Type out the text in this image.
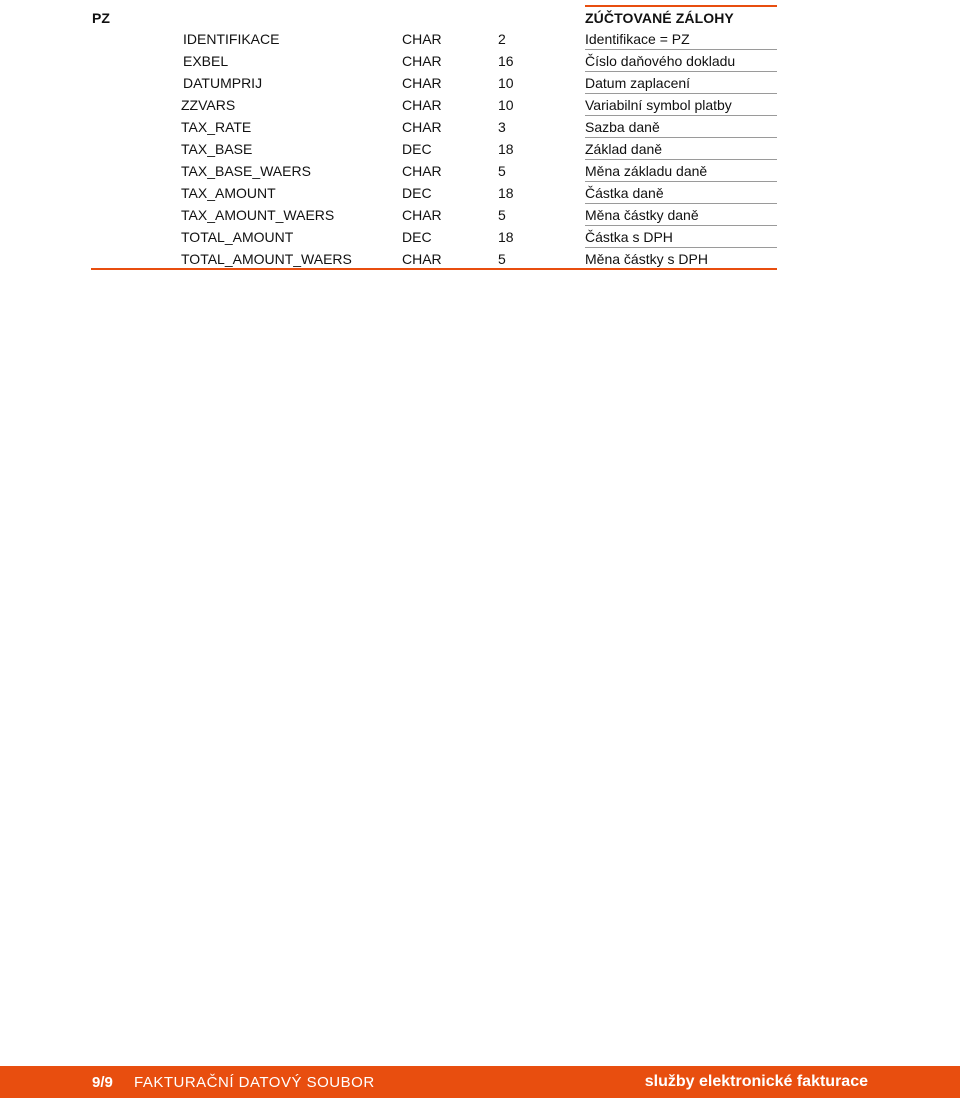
PZ	ZÚČTOVANÉ ZÁLOHY
IDENTIFIKACE	CHAR	2	Identifikace = PZ
EXBEL	CHAR	16	Číslo daňového dokladu
DATUMPRIJ	CHAR	10	Datum zaplacení
ZZVARS	CHAR	10	Variabilní symbol platby
TAX_RATE	CHAR	3	Sazba daně
TAX_BASE	DEC	18	Základ daně
TAX_BASE_WAERS	CHAR	5	Měna základu daně
TAX_AMOUNT	DEC	18	Částka daně
TAX_AMOUNT_WAERS	CHAR	5	Měna částky daně
TOTAL_AMOUNT	DEC	18	Částka s DPH
TOTAL_AMOUNT_WAERS	CHAR	5	Měna částky s DPH
9/9 FAKTURAČNÍ DATOVÝ SOUBOR	služby elektronické fakturace
